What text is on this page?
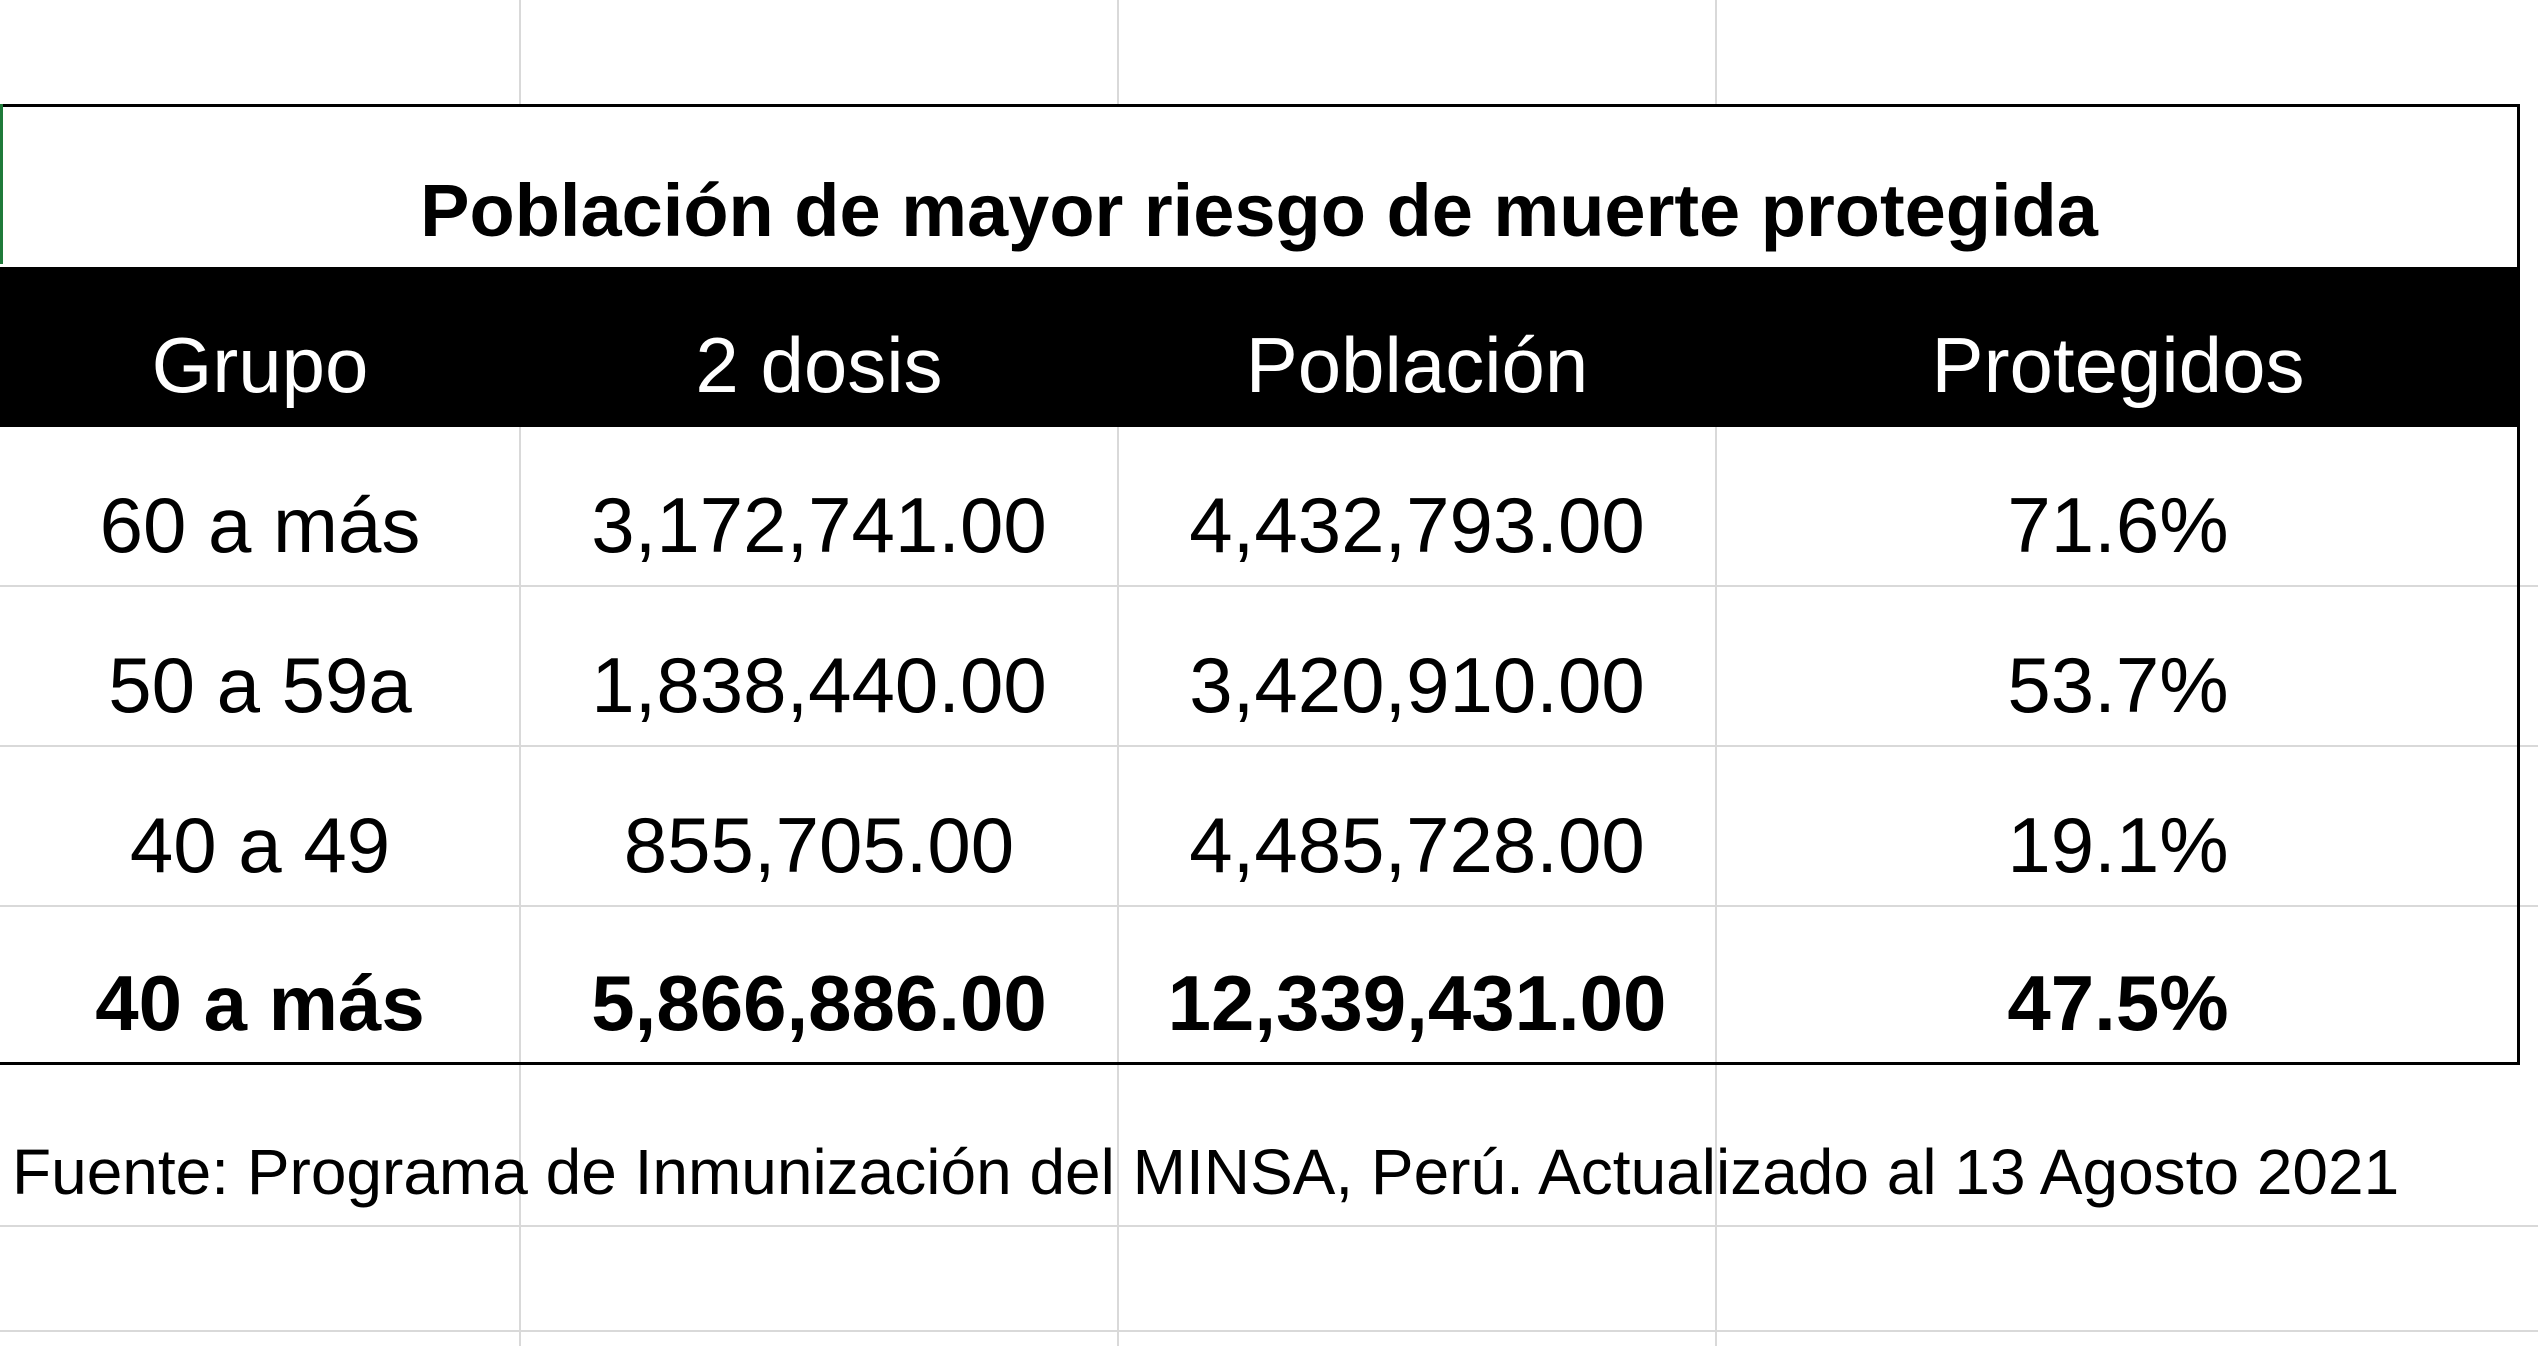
Población de mayor riesgo de muerte protegida
Grupo	2 dosis	Población	Protegidos
60 a más	3,172,741.00	4,432,793.00	71.6%
50 a 59a	1,838,440.00	3,420,910.00	53.7%
40 a 49	855,705.00	4,485,728.00	19.1%
40 a más	5,866,886.00	12,339,431.00	47.5%
Fuente: Programa de Inmunización del MINSA, Perú. Actualizado al 13 Agosto 2021
